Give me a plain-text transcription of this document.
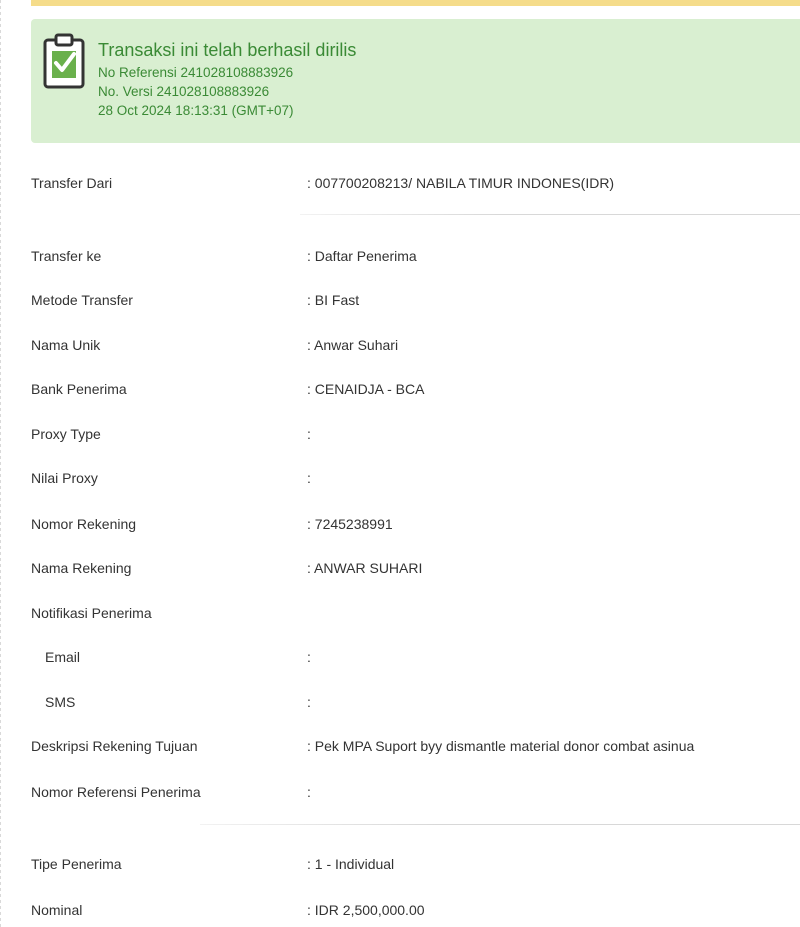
Transaksi ini telah berhasil dirilis
No Referensi 241028108883926
No. Versi 241028108883926
28 Oct 2024 18:13:31 (GMT+07)
Transfer Dari	: 007700208213/ NABILA TIMUR INDONES(IDR)
Transfer ke	: Daftar Penerima
Metode Transfer	: BI Fast
Nama Unik	: Anwar Suhari
Bank Penerima	: CENAIDJA - BCA
Proxy Type	:
Nilai Proxy	:
Nomor Rekening	: 7245238991
Nama Rekening	: ANWAR SUHARI
Notifikasi Penerima
Email	:
SMS	:
Deskripsi Rekening Tujuan	: Pek MPA Suport byy dismantle material donor combat asinua
Nomor Referensi Penerima	:
Tipe Penerima	: 1 - Individual
Nominal	: IDR 2,500,000.00
